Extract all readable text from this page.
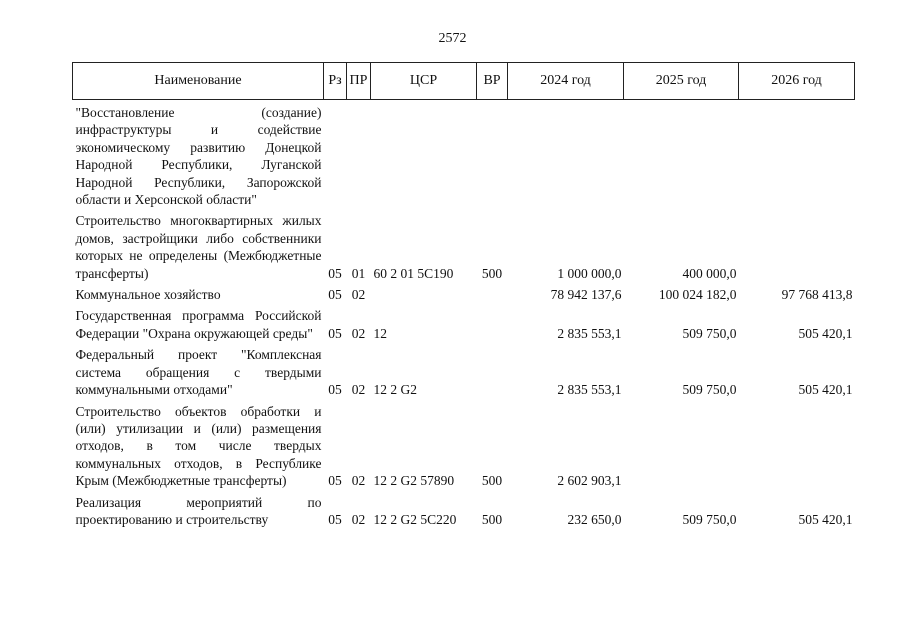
2572
Наименование	Рз	ПР	ЦСР	ВР	2024 год	2025 год	2026 год
"Восстановление (создание) инфраструктуры и содействие экономическому развитию Донецкой Народной Республики, Луганской Народной Республики, Запорожской области и Херсонской области"							
Строительство многоквартирных жилых домов, застройщики либо собственники которых не определены (Межбюджетные трансферты)	05	01	60 2 01 5С190	500	1 000 000,0	400 000,0	
Коммунальное хозяйство	05	02			78 942 137,6	100 024 182,0	97 768 413,8
Государственная программа Российской Федерации "Охрана окружающей среды"	05	02	12		2 835 553,1	509 750,0	505 420,1
Федеральный проект "Комплексная система обращения с твердыми коммунальными отходами"	05	02	12 2 G2		2 835 553,1	509 750,0	505 420,1
Строительство объектов обработки и (или) утилизации и (или) размещения отходов, в том числе твердых коммунальных отходов, в Республике Крым (Межбюджетные трансферты)	05	02	12 2 G2 57890	500	2 602 903,1		
Реализация мероприятий по проектированию и строительству	05	02	12 2 G2 5С220	500	232 650,0	509 750,0	505 420,1
